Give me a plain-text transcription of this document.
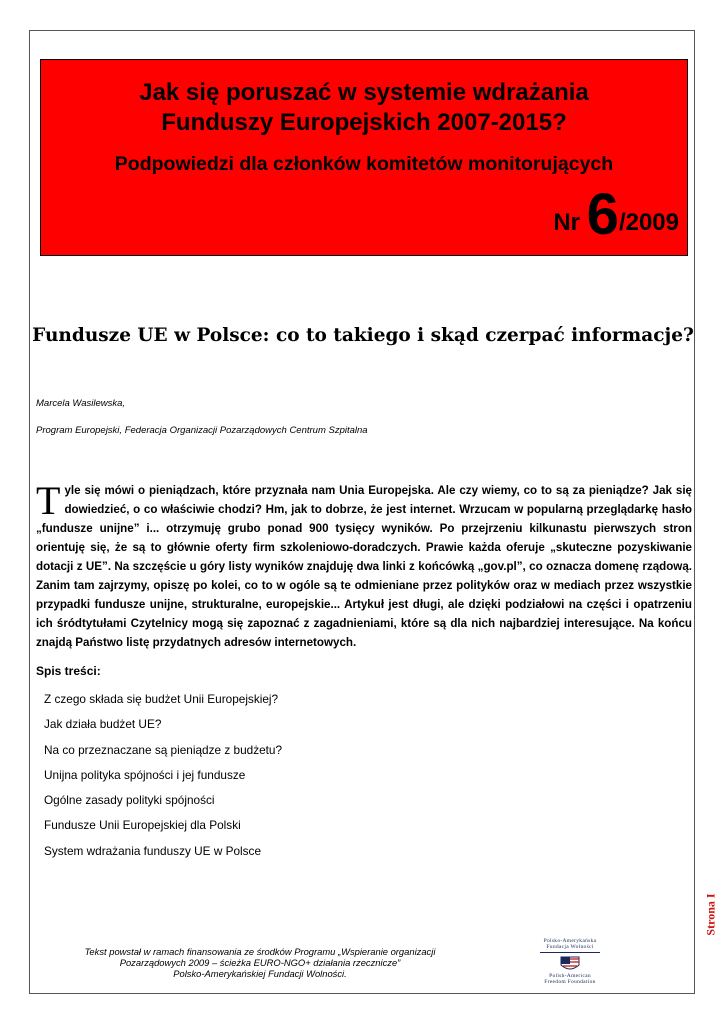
Jak się poruszać w systemie wdrażania
Funduszy Europejskich 2007-2015?
Podpowiedzi dla członków komitetów monitorujących
Nr 6/2009
Fundusze UE w Polsce: co to takiego i skąd czerpać informacje?
Marcela Wasilewska,
Program Europejski, Federacja Organizacji Pozarządowych Centrum Szpitalna
Tyle się mówi o pieniądzach, które przyznała nam Unia Europejska. Ale czy wiemy, co to są za pieniądze? Jak się dowiedzieć, o co właściwie chodzi? Hm, jak to dobrze, że jest internet. Wrzucam w popularną przeglądarkę hasło „fundusze unijne” i... otrzymuję grubo ponad 900 tysięcy wyników. Po przejrzeniu kilkunastu pierwszych stron orientuję się, że są to głównie oferty firm szkoleniowo-doradczych. Prawie każda oferuje „skuteczne pozyskiwanie dotacji z UE”. Na szczęście u góry listy wyników znajduję dwa linki z końcówką „gov.pl”, co oznacza domenę rządową. Zanim tam zajrzymy, opiszę po kolei, co to w ogóle są te odmieniane przez polityków oraz w mediach przez wszystkie przypadki fundusze unijne, strukturalne, europejskie... Artykuł jest długi, ale dzięki podziałowi na części i opatrzeniu ich śródtytułami Czytelnicy mogą się zapoznać z zagadnieniami, które są dla nich najbardziej interesujące. Na końcu znajdą Państwo listę przydatnych adresów internetowych.
Spis treści:
Z czego składa się budżet Unii Europejskiej?
Jak działa budżet UE?
Na co przeznaczane są pieniądze z budżetu?
Unijna polityka spójności i jej fundusze
Ogólne zasady polityki spójności
Fundusze Unii Europejskiej dla Polski
System wdrażania funduszy UE w Polsce
Strona I
Tekst powstał w ramach finansowania ze środków Programu „Wspieranie organizacji
Pozarządowych 2009 – ścieżka EURO-NGO+ działania rzecznicze”
Polsko-Amerykańskiej Fundacji Wolności.
Polsko-Amerykańska
Fundacja Wolności
Polish-American
Freedom Foundation
